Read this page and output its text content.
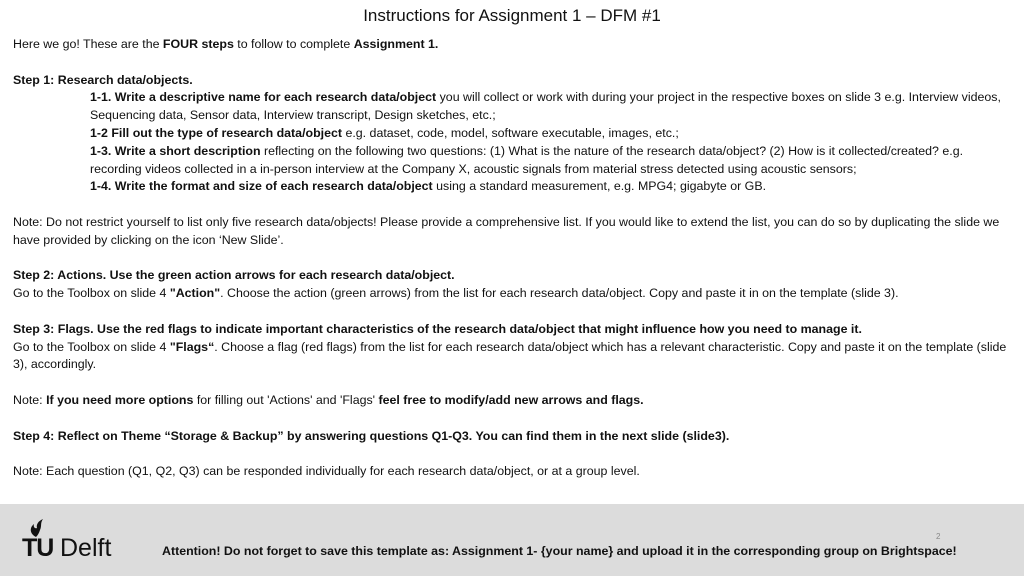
Instructions for Assignment 1 – DFM #1

Here we go! These are the FOUR steps to follow to complete Assignment 1.

Step 1: Research data/objects.

1-1. Write a descriptive name for each research data/object you will collect or work with during your project in the respective boxes on slide 3 e.g. Interview videos, Sequencing data, Sensor data, Interview transcript, Design sketches, etc.;

1-2 Fill out the type of research data/object e.g. dataset, code, model, software executable, images, etc.;

1-3. Write a short description reflecting on the following two questions: (1) What is the nature of the research data/object? (2) How is it collected/created? e.g. recording videos collected in a in-person interview at the Company X, acoustic signals from material stress detected using acoustic sensors;

1-4. Write the format and size of each research data/object using a standard measurement, e.g. MPG4; gigabyte or GB.

Note: Do not restrict yourself to list only five research data/objects! Please provide a comprehensive list. If you would like to extend the list, you can do so by duplicating the slide we have provided by clicking on the icon ‘New Slide’.

Step 2: Actions. Use the green action arrows for each research data/object.

Go to the Toolbox on slide 4 "Action". Choose the action (green arrows) from the list for each research data/object. Copy and paste it in on the template (slide 3).

Step 3: Flags. Use the red flags to indicate important characteristics of the research data/object that might influence how you need to manage it.

Go to the Toolbox on slide 4 "Flags“. Choose a flag (red flags) from the list for each research data/object which has a relevant characteristic. Copy and paste it on the template (slide 3), accordingly.

Note: If you need more options for filling out 'Actions' and 'Flags' feel free to modify/add new arrows and flags.

Step 4: Reflect on Theme “Storage & Backup” by answering questions Q1-Q3. You can find them in the next slide (slide3).

Note: Each question (Q1, Q2, Q3) can be responded individually for each research data/object, or at a group level.

TU Delft	2
Attention! Do not forget to save this template as: Assignment 1- {your name} and upload it in the corresponding group on Brightspace!
